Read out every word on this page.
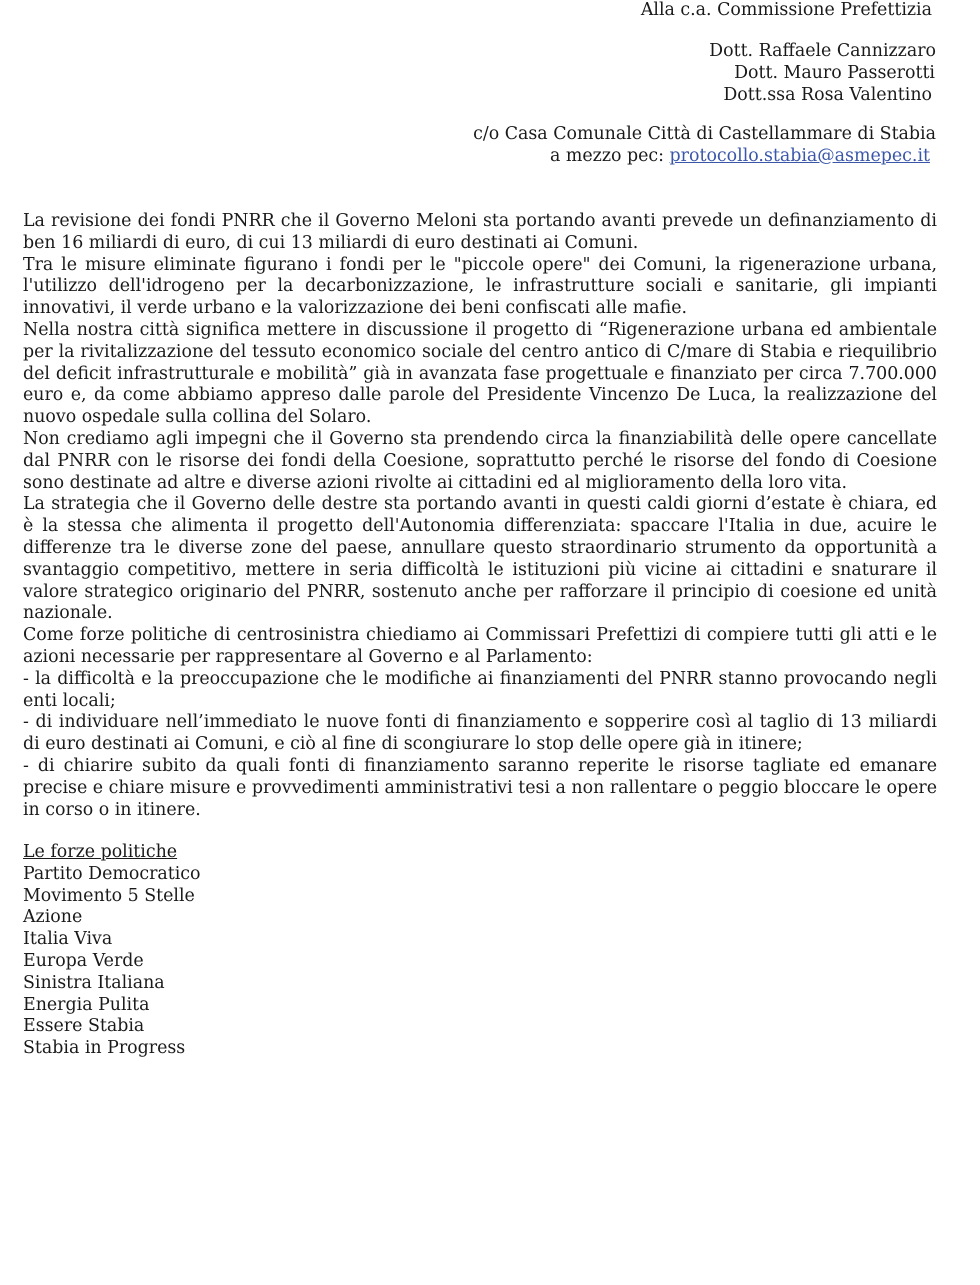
Alla c.a. Commissione Prefettizia
Dott. Raffaele Cannizzaro
Dott. Mauro Passerotti
Dott.ssa Rosa Valentino
c/o Casa Comunale Città di Castellammare di Stabia
a mezzo pec: protocollo.stabia@asmepec.it

La revisione dei fondi PNRR che il Governo Meloni sta portando avanti prevede un definanziamento di ben 16 miliardi di euro, di cui 13 miliardi di euro destinati ai Comuni.

Tra le misure eliminate figurano i fondi per le "piccole opere" dei Comuni, la rigenerazione urbana, l'utilizzo dell'idrogeno per la decarbonizzazione, le infrastrutture sociali e sanitarie, gli impianti innovativi, il verde urbano e la valorizzazione dei beni confiscati alle mafie.

Nella nostra città significa mettere in discussione il progetto di “Rigenerazione urbana ed ambientale per la rivitalizzazione del tessuto economico sociale del centro antico di C/mare di Stabia e riequilibrio del deficit infrastrutturale e mobilità” già in avanzata fase progettuale e finanziato per circa 7.700.000 euro e, da come abbiamo appreso dalle parole del Presidente Vincenzo De Luca, la realizzazione del nuovo ospedale sulla collina del Solaro.

Non crediamo agli impegni che il Governo sta prendendo circa la finanziabilità delle opere cancellate dal PNRR con le risorse dei fondi della Coesione, soprattutto perché le risorse del fondo di Coesione sono destinate ad altre e diverse azioni rivolte ai cittadini ed al miglioramento della loro vita.

La strategia che il Governo delle destre sta portando avanti in questi caldi giorni d’estate è chiara, ed è la stessa che alimenta il progetto dell'Autonomia differenziata: spaccare l'Italia in due, acuire le differenze tra le diverse zone del paese, annullare questo straordinario strumento da opportunità a svantaggio competitivo, mettere in seria difficoltà le istituzioni più vicine ai cittadini e snaturare il valore strategico originario del PNRR, sostenuto anche per rafforzare il principio di coesione ed unità nazionale.

Come forze politiche di centrosinistra chiediamo ai Commissari Prefettizi di compiere tutti gli atti e le azioni necessarie per rappresentare al Governo e al Parlamento:

- la difficoltà e la preoccupazione che le modifiche ai finanziamenti del PNRR stanno provocando negli enti locali;

- di individuare nell’immediato le nuove fonti di finanziamento e sopperire così al taglio di 13 miliardi di euro destinati ai Comuni, e ciò al fine di scongiurare lo stop delle opere già in itinere;

- di chiarire subito da quali fonti di finanziamento saranno reperite le risorse tagliate ed emanare precise e chiare misure e provvedimenti amministrativi tesi a non rallentare o peggio bloccare le opere in corso o in itinere.

Le forze politiche
Partito Democratico
Movimento 5 Stelle
Azione
Italia Viva
Europa Verde
Sinistra Italiana
Energia Pulita
Essere Stabia
Stabia in Progress
